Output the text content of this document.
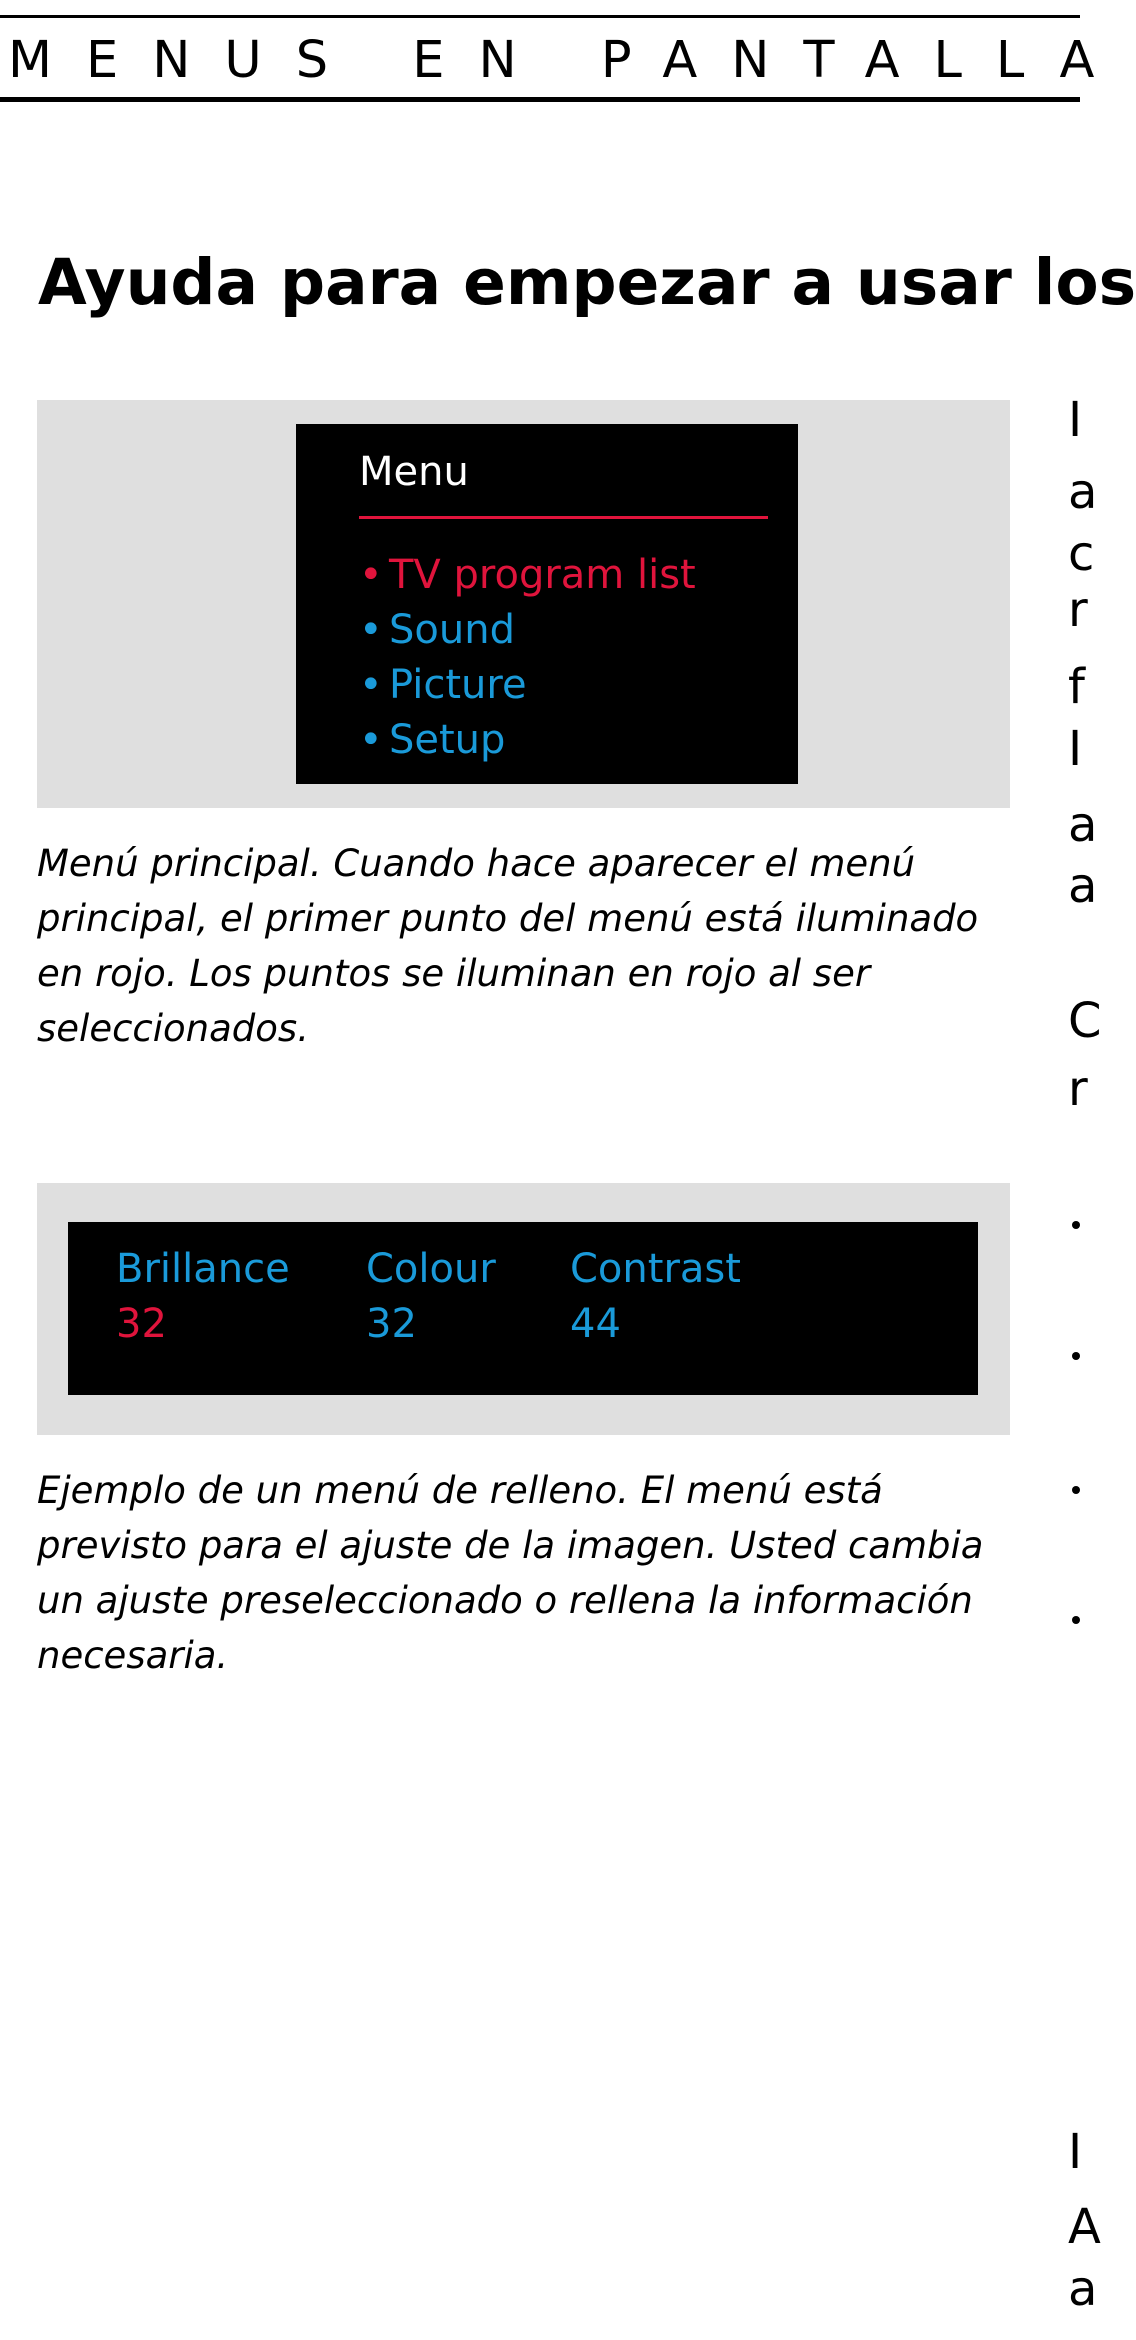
MENUS EN PANTALLA
Ayuda para empezar a usar los
Menu
• TV program list
• Sound
• Picture
• Setup

Menú principal. Cuando hace aparecer el menú principal, el primer punto del menú está iluminado en rojo. Los puntos se iluminan en rojo al ser seleccionados.

Brillance
32
Colour
32
Contrast
44

Ejemplo de un menú de relleno. El menú está previsto para el ajuste de la imagen. Usted cambia un ajuste preseleccionado o rellena la información necesaria.

I
a
c
r
f
I
a
a
C
r
I
A
a
